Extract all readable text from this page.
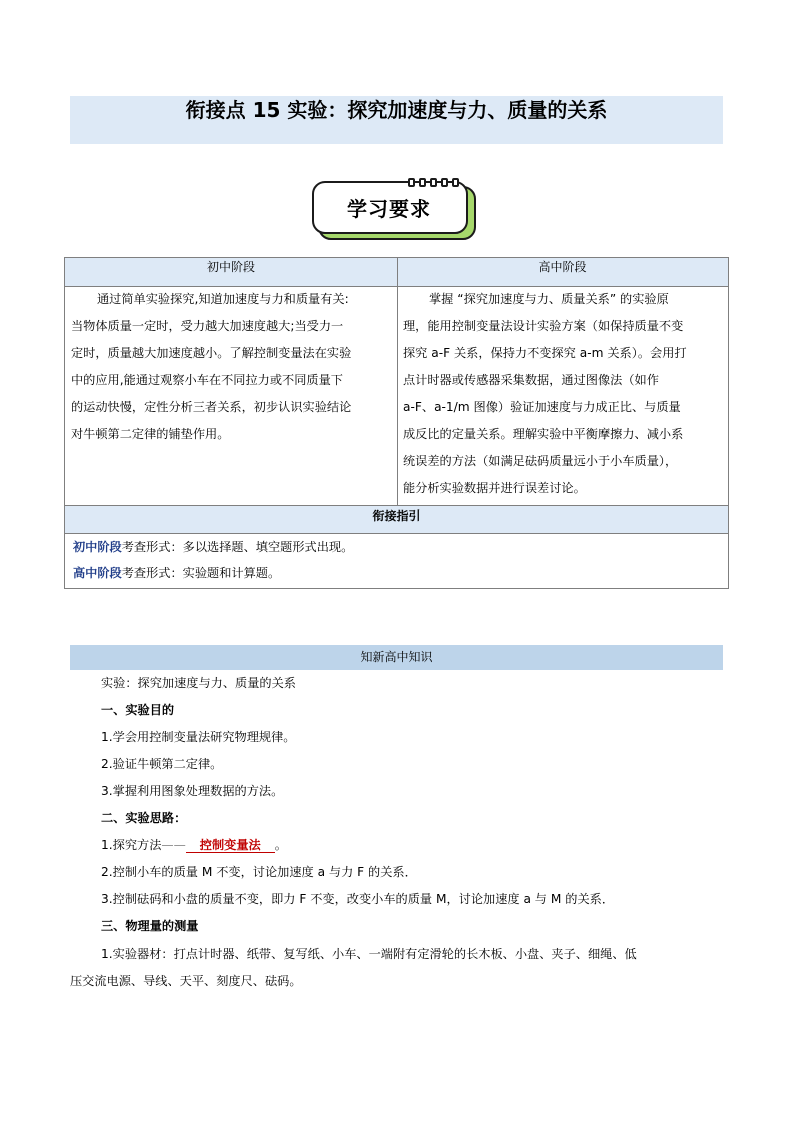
衔接点 15 实验：探究加速度与力、质量的关系
学习要求
初中阶段	高中阶段
通过简单实验探究,知道加速度与力和质量有关:
当物体质量一定时，受力越大加速度越大;当受力一
定时，质量越大加速度越小。了解控制变量法在实验
中的应用,能通过观察小车在不同拉力或不同质量下
的运动快慢，定性分析三者关系，初步认识实验结论
对牛顿第二定律的铺垫作用。
掌握 “探究加速度与力、质量关系” 的实验原
理，能用控制变量法设计实验方案（如保持质量不变
探究 a-F 关系，保持力不变探究 a-m 关系）。会用打
点计时器或传感器采集数据，通过图像法（如作
a-F、a-1/m 图像）验证加速度与力成正比、与质量
成反比的定量关系。理解实验中平衡摩擦力、减小系
统误差的方法（如满足砝码质量远小于小车质量），
能分析实验数据并进行误差讨论。
衔接指引
初中阶段考查形式：多以选择题、填空题形式出现。
高中阶段考查形式：实验题和计算题。
知新高中知识
实验：探究加速度与力、质量的关系
一、实验目的
1.学会用控制变量法研究物理规律。
2.验证牛顿第二定律。
3.掌握利用图象处理数据的方法。
二、实验思路：
1.探究方法—— 控制变量法 。
2.控制小车的质量 M 不变，讨论加速度 a 与力 F 的关系．
3.控制砝码和小盘的质量不变，即力 F 不变，改变小车的质量 M，讨论加速度 a 与 M 的关系．
三、物理量的测量
1.实验器材：打点计时器、纸带、复写纸、小车、一端附有定滑轮的长木板、小盘、夹子、细绳、低
压交流电源、导线、天平、刻度尺、砝码。
